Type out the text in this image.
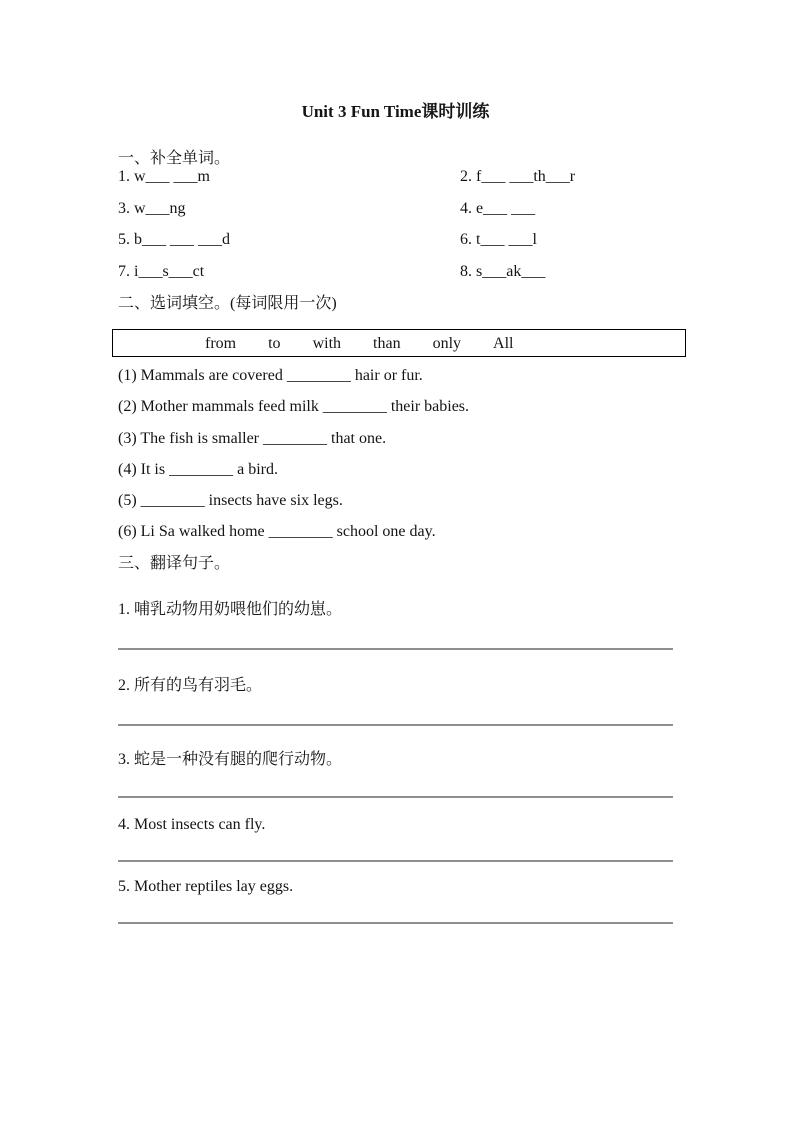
Unit 3 Fun Time课时训练
一、补全单词。
1. w___ ___m	2. f___ ___th___r
3. w___ng	4. e___ ___
5. b___ ___ ___d	6. t___ ___l
7. i___s___ct	8. s___ak___
二、选词填空。(每词限用一次)
from to with than only All
(1) Mammals are covered ________ hair or fur.
(2) Mother mammals feed milk ________ their babies.
(3) The fish is smaller ________ that one.
(4) It is ________ a bird.
(5) ________ insects have six legs.
(6) Li Sa walked home ________ school one day.
三、翻译句子。
1. 哺乳动物用奶喂他们的幼崽。
2. 所有的鸟有羽毛。
3. 蛇是一种没有腿的爬行动物。
4. Most insects can fly.
5. Mother reptiles lay eggs.
